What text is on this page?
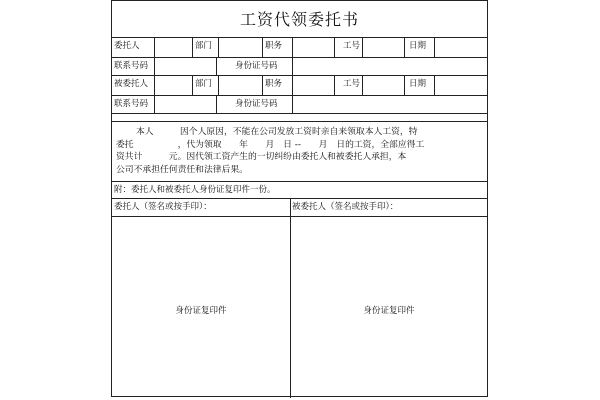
工资代领委托书
委托人	部门	职务	工号	日期
联系号码	身份证号码
被委托人	部门	职务	工号	日期
联系号码	身份证号码
本人　　　因个人原因，不能在公司发放工资时亲自来领取本人工资，特
委托　　　　　，代为领取　　年　　月　日 --　　月　日的工资，全部应得工
资共计　　　元。因代领工资产生的一切纠纷由委托人和被委托人承担，本
公司不承担任何责任和法律后果。
附：委托人和被委托人身份证复印件一份。
委托人（签名或按手印）：	被委托人（签名或按手印）：
身份证复印件	身份证复印件
